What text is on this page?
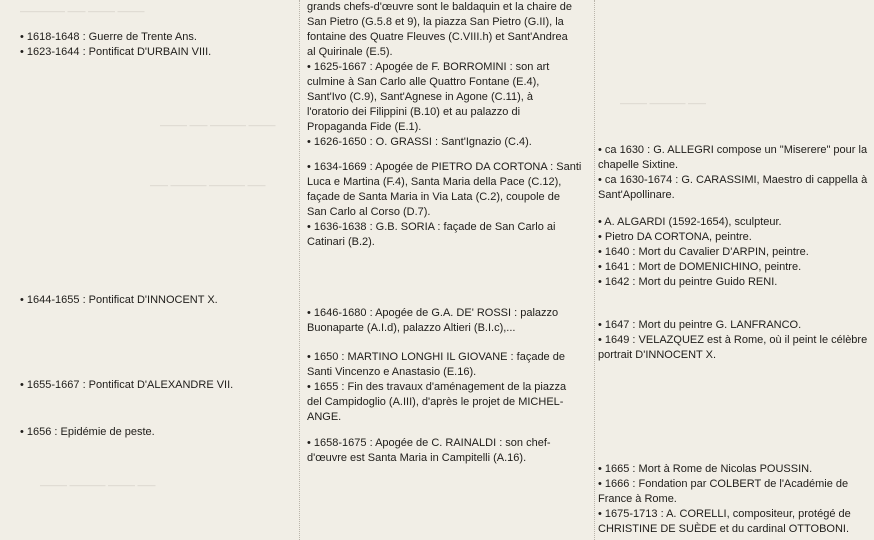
————— —— ——— ———
——— —— ———— ———
—— ———— ———— ——
——— ———— ——
——— ———— ——— ——
• 1618-1648 : Guerre de Trente Ans.
• 1623-1644 : Pontificat D'URBAIN VIII.
• 1644-1655 : Pontificat D'INNOCENT X.
• 1655-1667 : Pontificat D'ALEXANDRE VII.
• 1656 : Epidémie de peste.
grands chefs-d'œuvre sont le baldaquin et la chaire de
San Pietro (G.5.8 et 9), la piazza San Pietro (G.II), la
fontaine des Quatre Fleuves (C.VIII.h) et Sant'Andrea
al Quirinale (E.5).
• 1625-1667 : Apogée de F. BORROMINI : son art
culmine à San Carlo alle Quattro Fontane (E.4),
Sant'Ivo (C.9), Sant'Agnese in Agone (C.11), à
l'oratorio dei Filippini (B.10) et au palazzo di
Propaganda Fide (E.1).
• 1626-1650 : O. GRASSI : Sant'Ignazio (C.4).
• 1634-1669 : Apogée de PIETRO DA CORTONA : Santi
Luca e Martina (F.4), Santa Maria della Pace (C.12),
façade de Santa Maria in Via Lata (C.2), coupole de
San Carlo al Corso (D.7).
• 1636-1638 : G.B. SORIA : façade de San Carlo ai
Catinari (B.2).
• 1646-1680 : Apogée de G.A. DE' ROSSI : palazzo
Buonaparte (A.I.d), palazzo Altieri (B.I.c),...
• 1650 : MARTINO LONGHI IL GIOVANE : façade de
Santi Vincenzo e Anastasio (E.16).
• 1655 : Fin des travaux d'aménagement de la piazza
del Campidoglio (A.III), d'après le projet de MICHEL-
ANGE.
• 1658-1675 : Apogée de C. RAINALDI : son chef-
d'œuvre est Santa Maria in Campitelli (A.16).
• ca 1630 : G. ALLEGRI compose un "Miserere" pour la
chapelle Sixtine.
• ca 1630-1674 : G. CARASSIMI, Maestro di cappella à
Sant'Apollinare.
• A. ALGARDI (1592-1654), sculpteur.
• Pietro DA CORTONA, peintre.
• 1640 : Mort du Cavalier D'ARPIN, peintre.
• 1641 : Mort de DOMENICHINO, peintre.
• 1642 : Mort du peintre Guido RENI.
• 1647 : Mort du peintre G. LANFRANCO.
• 1649 : VELAZQUEZ est à Rome, où il peint le célèbre
portrait D'INNOCENT X.
• 1665 : Mort à Rome de Nicolas POUSSIN.
• 1666 : Fondation par COLBERT de l'Académie de
France à Rome.
• 1675-1713 : A. CORELLI, compositeur, protégé de
CHRISTINE DE SUÈDE et du cardinal OTTOBONI.
